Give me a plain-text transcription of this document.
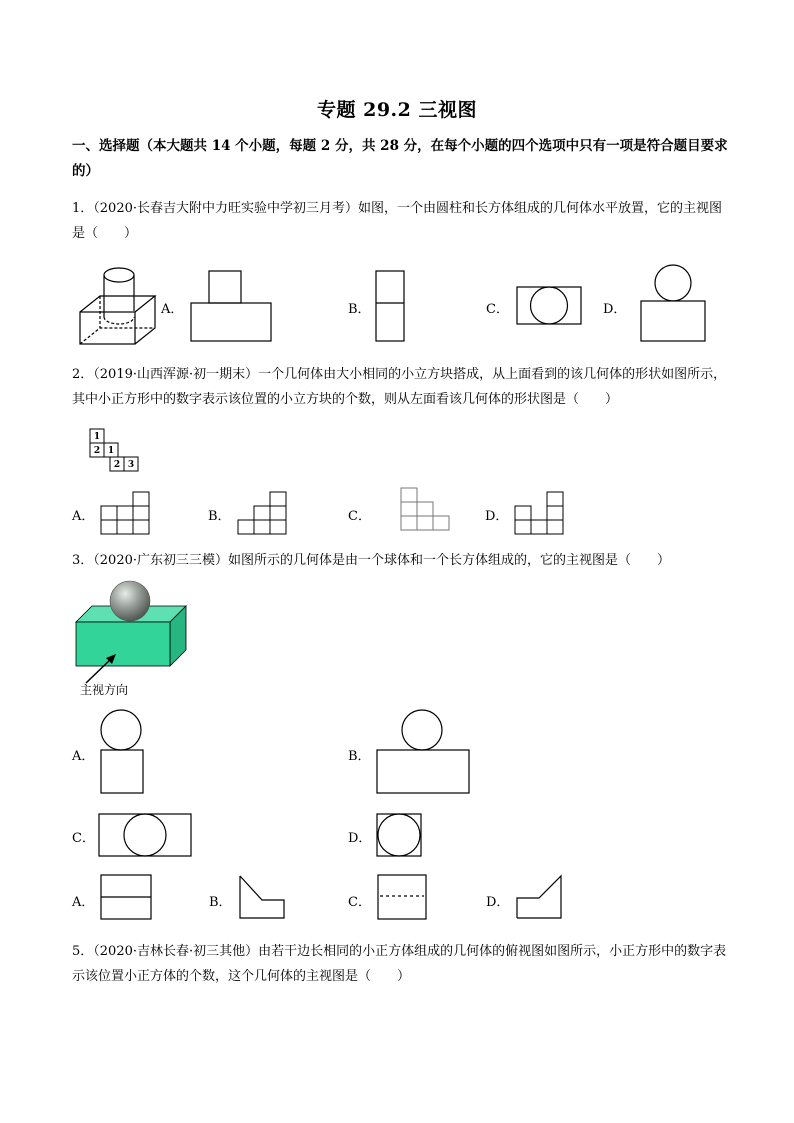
专题 29.2 三视图
一、选择题（本大题共 14 个小题，每题 2 分，共 28 分，在每个小题的四个选项中只有一项是符合题目要求的）
1．（2020·长春吉大附中力旺实验中学初三月考）如图，一个由圆柱和长方体组成的几何体水平放置，它的主视图是（　　）
A．	B．	C．	D．
2．（2019·山西浑源·初一期末）一个几何体由大小相同的小立方块搭成，从上面看到的该几何体的形状如图所示，其中小正方形中的数字表示该位置的小立方块的个数，则从左面看该几何体的形状图是（　　）
1
2 1
2 3
A．	B．	C．	D．
3．（2020·广东初三三模）如图所示的几何体是由一个球体和一个长方体组成的，它的主视图是（　　）
主视方向
A．	B．
C．	D．
A．	B．	C．	D．
5．（2020·吉林长春·初三其他）由若干边长相同的小正方体组成的几何体的俯视图如图所示，小正方形中的数字表示该位置小正方体的个数，这个几何体的主视图是（　　）
